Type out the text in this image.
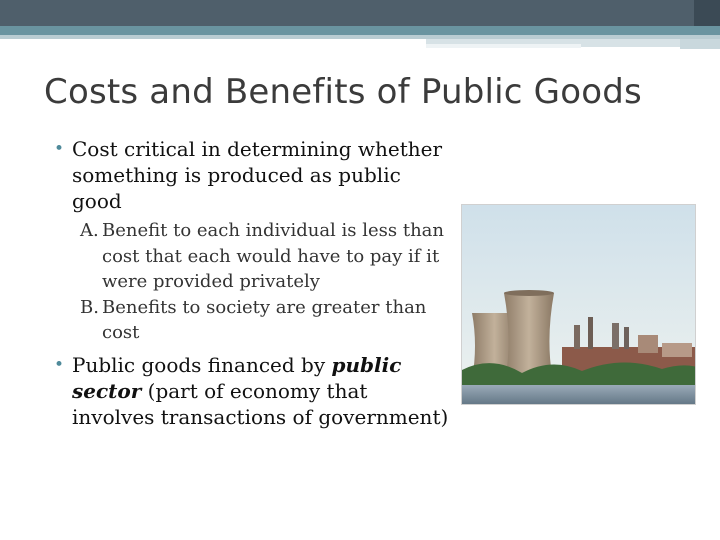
Costs and Benefits of Public Goods
• Cost critical in determining whether something is produced as public good
A. Benefit to each individual is less than cost that each would have to pay if it were provided privately
B. Benefits to society are greater than cost
• Public goods financed by public sector (part of economy that involves transactions of government)
